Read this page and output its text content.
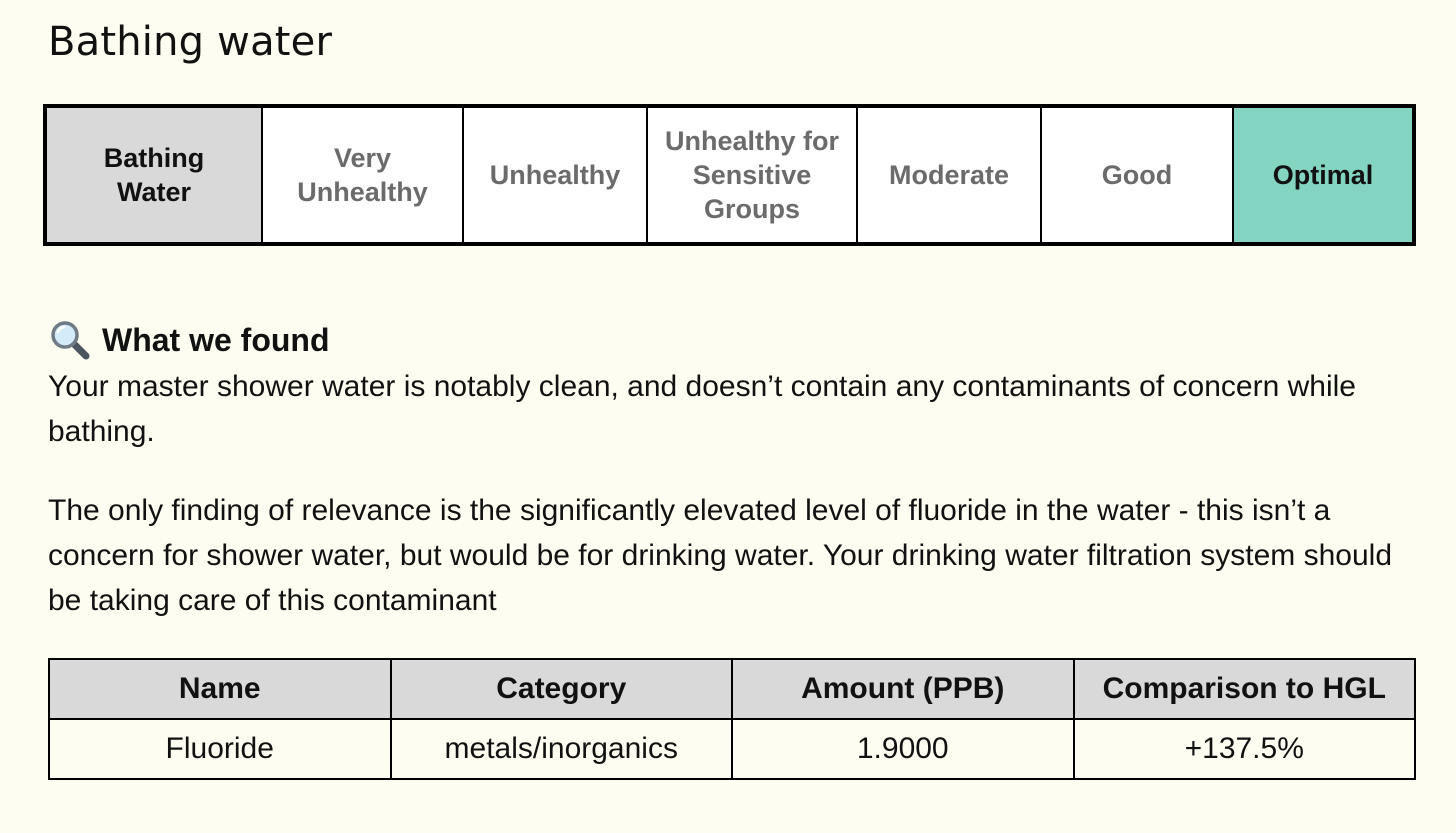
Bathing water
Bathing
Water
Very
Unhealthy
Unhealthy
Unhealthy for
Sensitive
Groups
Moderate	Good	Optimal
What we found

Your master shower water is notably clean, and doesn’t contain any contaminants of concern while bathing.

The only finding of relevance is the significantly elevated level of fluoride in the water - this isn’t a concern for shower water, but would be for drinking water. Your drinking water filtration system should be taking care of this contaminant

Name	Category	Amount (PPB)	Comparison to HGL
Fluoride	metals/inorganics	1.9000	+137.5%
